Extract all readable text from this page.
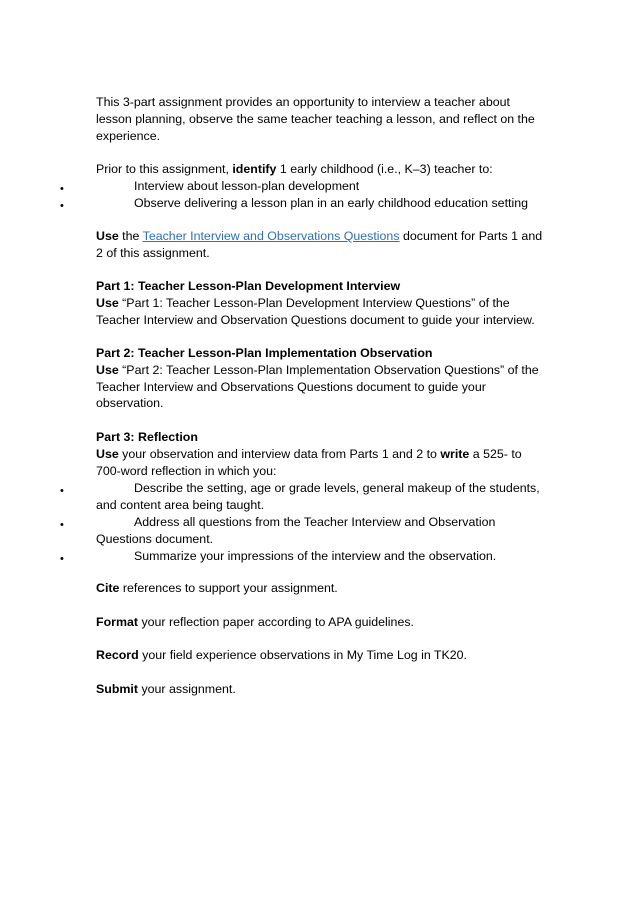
This 3-part assignment provides an opportunity to interview a teacher about
lesson planning, observe the same teacher teaching a lesson, and reflect on the
experience.
Prior to this assignment, identify 1 early childhood (i.e., K–3) teacher to:
•	Interview about lesson-plan development
•	Observe delivering a lesson plan in an early childhood education setting
Use the Teacher Interview and Observations Questions document for Parts 1 and
2 of this assignment.
Part 1: Teacher Lesson-Plan Development Interview
Use “Part 1: Teacher Lesson-Plan Development Interview Questions” of the
Teacher Interview and Observation Questions document to guide your interview.
Part 2: Teacher Lesson-Plan Implementation Observation
Use “Part 2: Teacher Lesson-Plan Implementation Observation Questions” of the
Teacher Interview and Observations Questions document to guide your
observation.
Part 3: Reflection
Use your observation and interview data from Parts 1 and 2 to write a 525- to
700-word reflection in which you:
•	Describe the setting, age or grade levels, general makeup of the students,
and content area being taught.
•	Address all questions from the Teacher Interview and Observation
Questions document.
•	Summarize your impressions of the interview and the observation.
Cite references to support your assignment.
Format your reflection paper according to APA guidelines.
Record your field experience observations in My Time Log in TK20.
Submit your assignment.
